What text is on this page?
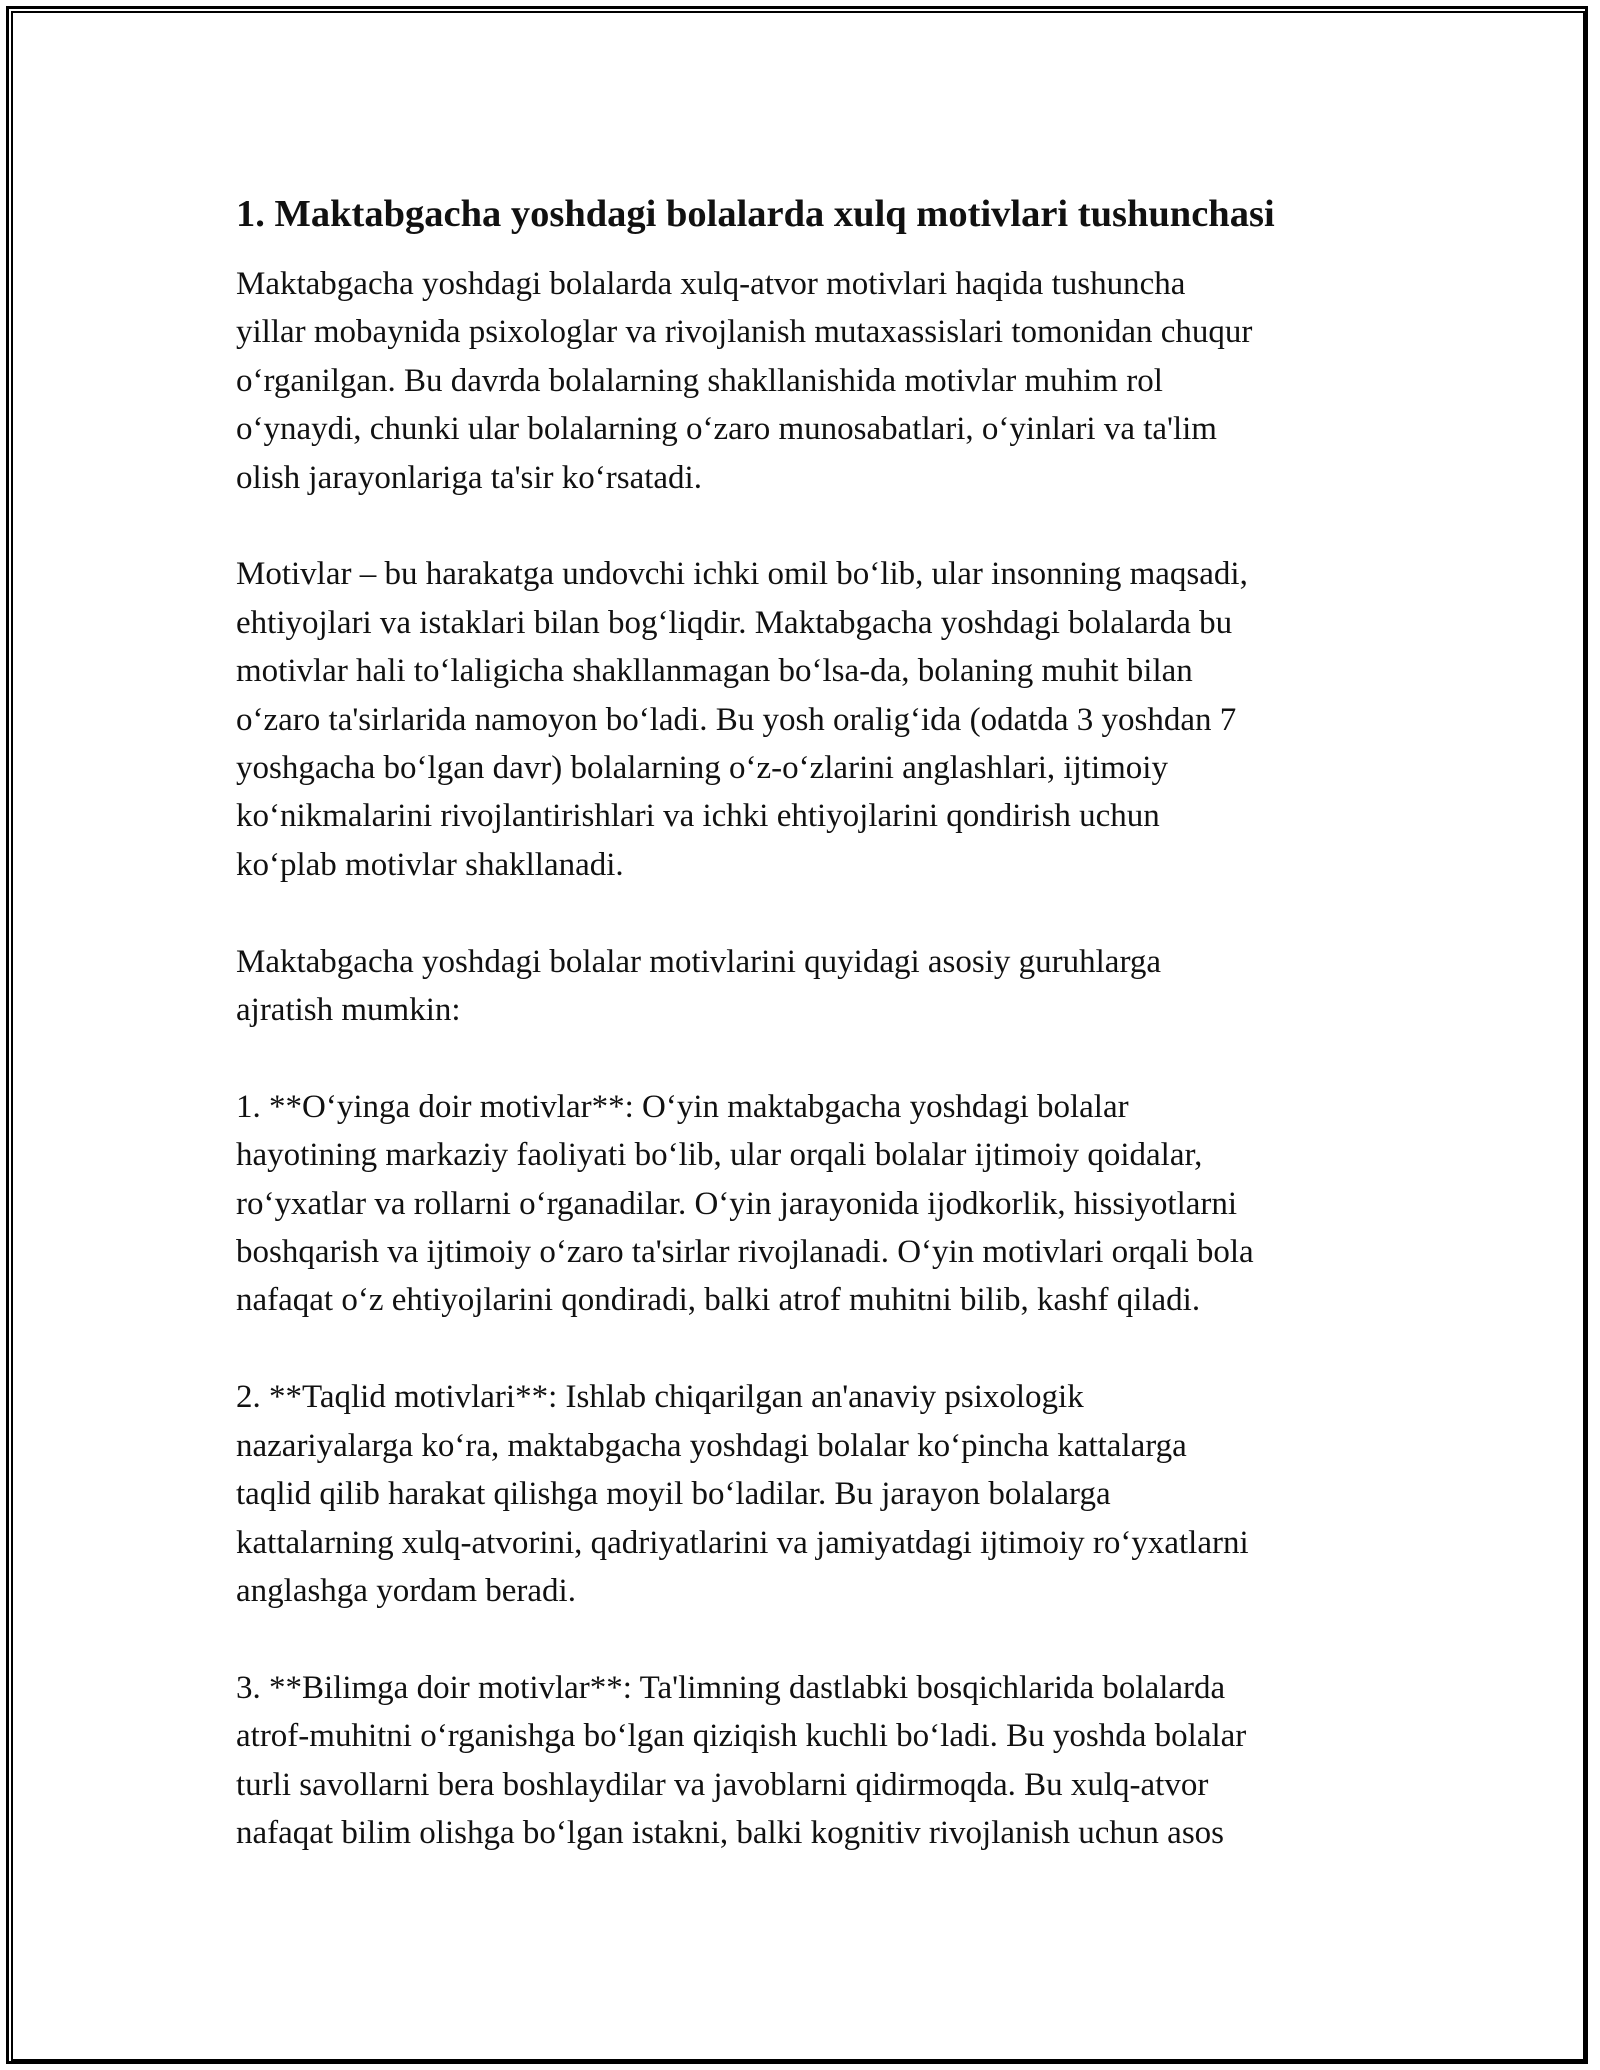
1. Maktabgacha yoshdagi bolalarda xulq motivlari tushunchasi

Maktabgacha yoshdagi bolalarda xulq-atvor motivlari haqida tushuncha
yillar mobaynida psixologlar va rivojlanish mutaxassislari tomonidan chuqur
o‘rganilgan. Bu davrda bolalarning shakllanishida motivlar muhim rol
o‘ynaydi, chunki ular bolalarning o‘zaro munosabatlari, o‘yinlari va ta'lim
olish jarayonlariga ta'sir ko‘rsatadi.

Motivlar – bu harakatga undovchi ichki omil bo‘lib, ular insonning maqsadi,
ehtiyojlari va istaklari bilan bog‘liqdir. Maktabgacha yoshdagi bolalarda bu
motivlar hali to‘laligicha shakllanmagan bo‘lsa-da, bolaning muhit bilan
o‘zaro ta'sirlarida namoyon bo‘ladi. Bu yosh oralig‘ida (odatda 3 yoshdan 7
yoshgacha bo‘lgan davr) bolalarning o‘z-o‘zlarini anglashlari, ijtimoiy
ko‘nikmalarini rivojlantirishlari va ichki ehtiyojlarini qondirish uchun
ko‘plab motivlar shakllanadi.

Maktabgacha yoshdagi bolalar motivlarini quyidagi asosiy guruhlarga
ajratish mumkin:

1. **O‘yinga doir motivlar**: O‘yin maktabgacha yoshdagi bolalar
hayotining markaziy faoliyati bo‘lib, ular orqali bolalar ijtimoiy qoidalar,
ro‘yxatlar va rollarni o‘rganadilar. O‘yin jarayonida ijodkorlik, hissiyotlarni
boshqarish va ijtimoiy o‘zaro ta'sirlar rivojlanadi. O‘yin motivlari orqali bola
nafaqat o‘z ehtiyojlarini qondiradi, balki atrof muhitni bilib, kashf qiladi.

2. **Taqlid motivlari**: Ishlab chiqarilgan an'anaviy psixologik
nazariyalarga ko‘ra, maktabgacha yoshdagi bolalar ko‘pincha kattalarga
taqlid qilib harakat qilishga moyil bo‘ladilar. Bu jarayon bolalarga
kattalarning xulq-atvorini, qadriyatlarini va jamiyatdagi ijtimoiy ro‘yxatlarni
anglashga yordam beradi.

3. **Bilimga doir motivlar**: Ta'limning dastlabki bosqichlarida bolalarda
atrof-muhitni o‘rganishga bo‘lgan qiziqish kuchli bo‘ladi. Bu yoshda bolalar
turli savollarni bera boshlaydilar va javoblarni qidirmoqda. Bu xulq-atvor
nafaqat bilim olishga bo‘lgan istakni, balki kognitiv rivojlanish uchun asos
